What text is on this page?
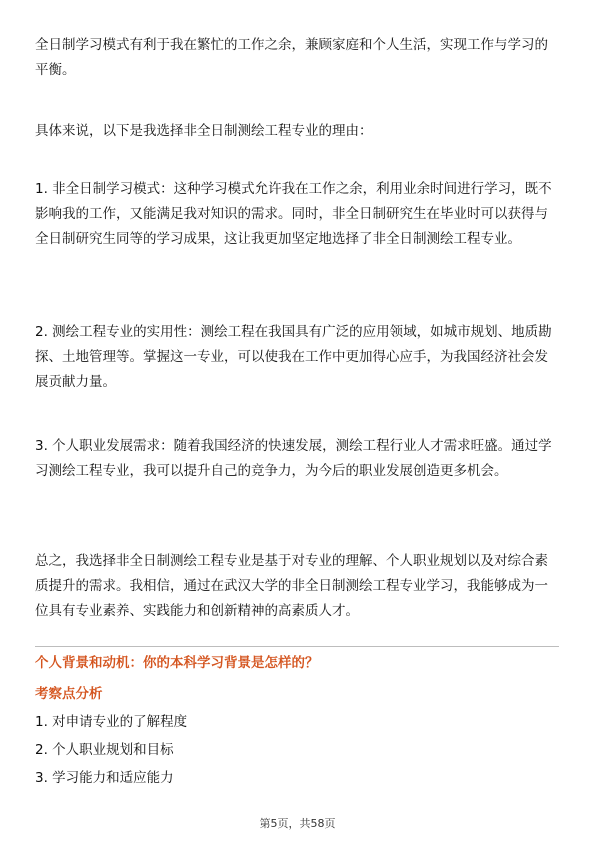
全日制学习模式有利于我在繁忙的工作之余，兼顾家庭和个人生活，实现工作与学习的平衡。

具体来说，以下是我选择非全日制测绘工程专业的理由：

1. 非全日制学习模式：这种学习模式允许我在工作之余，利用业余时间进行学习，既不影响我的工作，又能满足我对知识的需求。同时，非全日制研究生在毕业时可以获得与全日制研究生同等的学习成果，这让我更加坚定地选择了非全日制测绘工程专业。

2. 测绘工程专业的实用性：测绘工程在我国具有广泛的应用领域，如城市规划、地质勘探、土地管理等。掌握这一专业，可以使我在工作中更加得心应手，为我国经济社会发展贡献力量。

3. 个人职业发展需求：随着我国经济的快速发展，测绘工程行业人才需求旺盛。通过学习测绘工程专业，我可以提升自己的竞争力，为今后的职业发展创造更多机会。

总之，我选择非全日制测绘工程专业是基于对专业的理解、个人职业规划以及对综合素质提升的需求。我相信，通过在武汉大学的非全日制测绘工程专业学习，我能够成为一位具有专业素养、实践能力和创新精神的高素质人才。

个人背景和动机：你的本科学习背景是怎样的？

考察点分析

1. 对申请专业的了解程度

2. 个人职业规划和目标

3. 学习能力和适应能力

第5页，共58页
